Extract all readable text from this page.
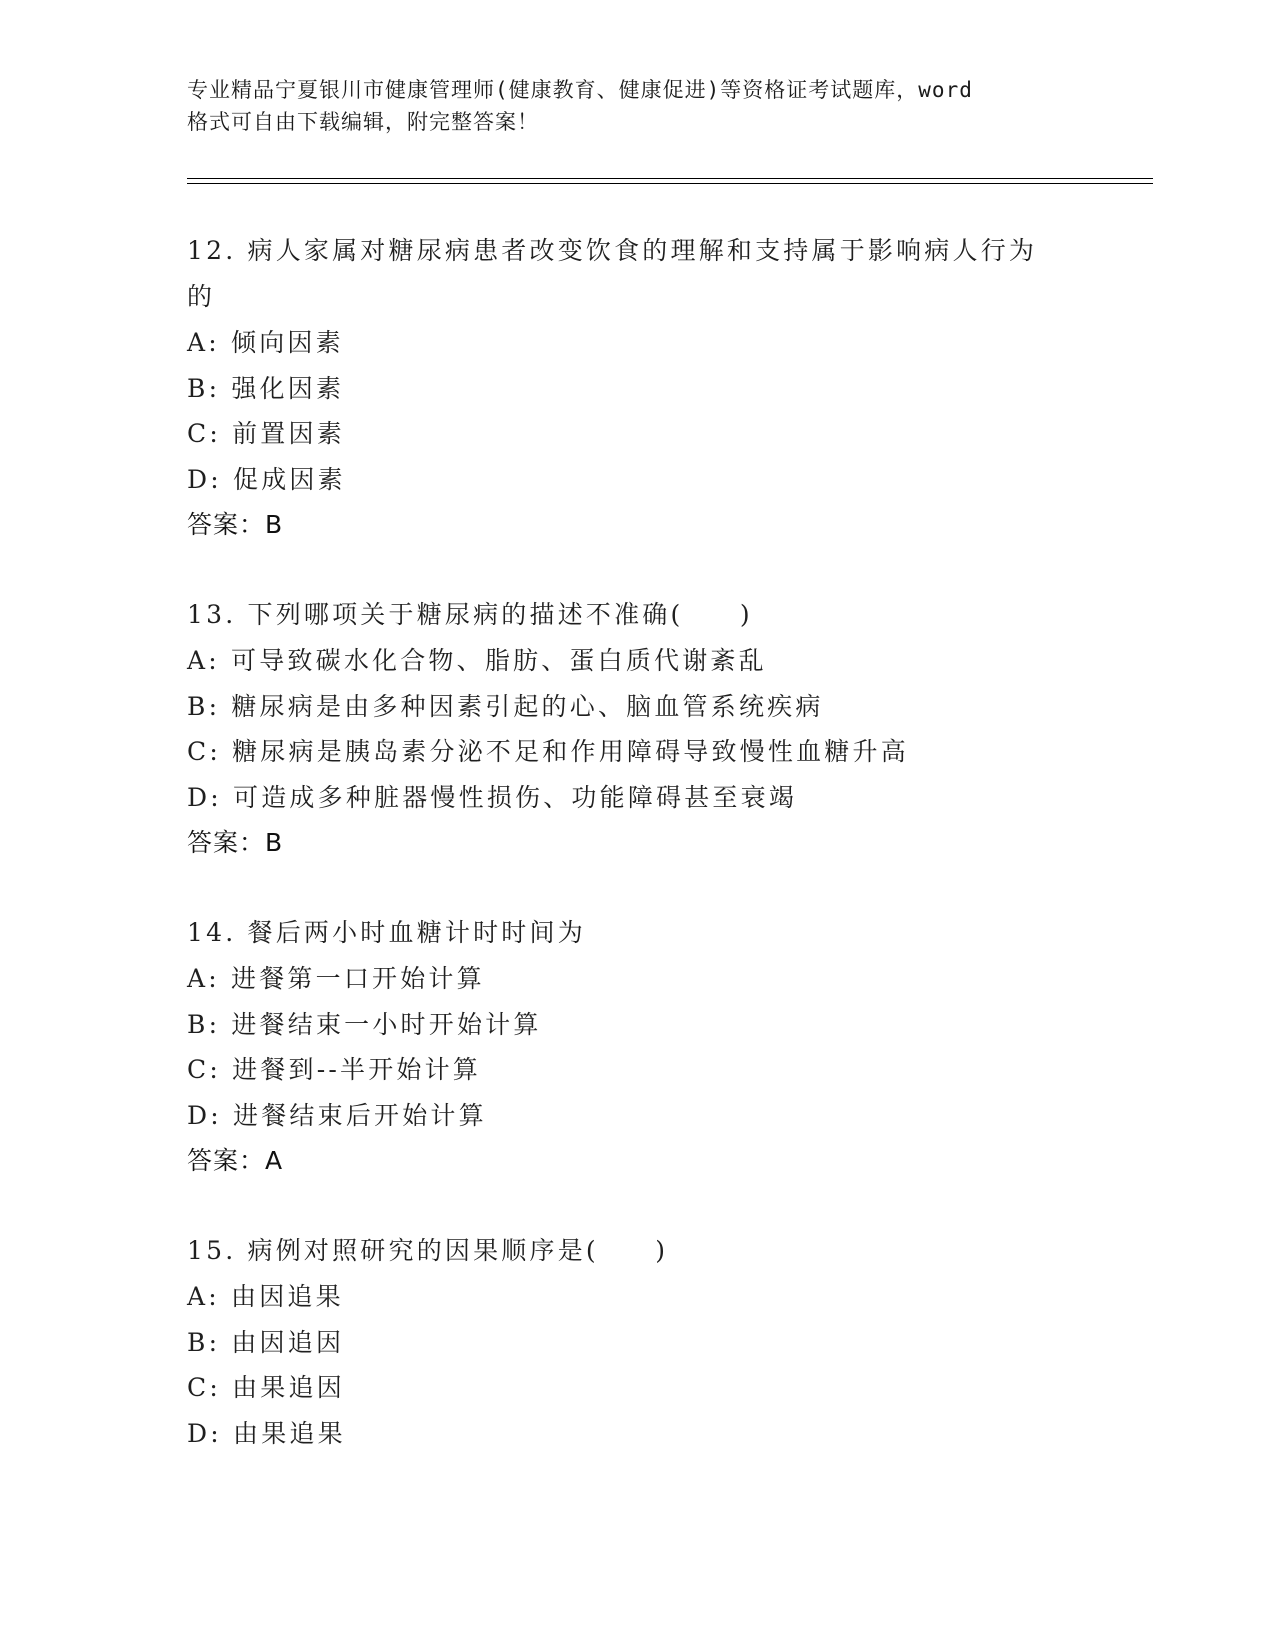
专业精品宁夏银川市健康管理师(健康教育、健康促进)等资格证考试题库，word
格式可自由下载编辑，附完整答案！

12. 病人家属对糖尿病患者改变饮食的理解和支持属于影响病人行为

的

A: 倾向因素

B: 强化因素

C: 前置因素

D: 促成因素

答案：B

13. 下列哪项关于糖尿病的描述不准确(　　)

A: 可导致碳水化合物、脂肪、蛋白质代谢紊乱

B: 糖尿病是由多种因素引起的心、脑血管系统疾病

C: 糖尿病是胰岛素分泌不足和作用障碍导致慢性血糖升高

D: 可造成多种脏器慢性损伤、功能障碍甚至衰竭

答案：B

14. 餐后两小时血糖计时时间为

A: 进餐第一口开始计算

B: 进餐结束一小时开始计算

C: 进餐到--半开始计算

D: 进餐结束后开始计算

答案：A

15. 病例对照研究的因果顺序是(　　)

A: 由因追果

B: 由因追因

C: 由果追因

D: 由果追果
